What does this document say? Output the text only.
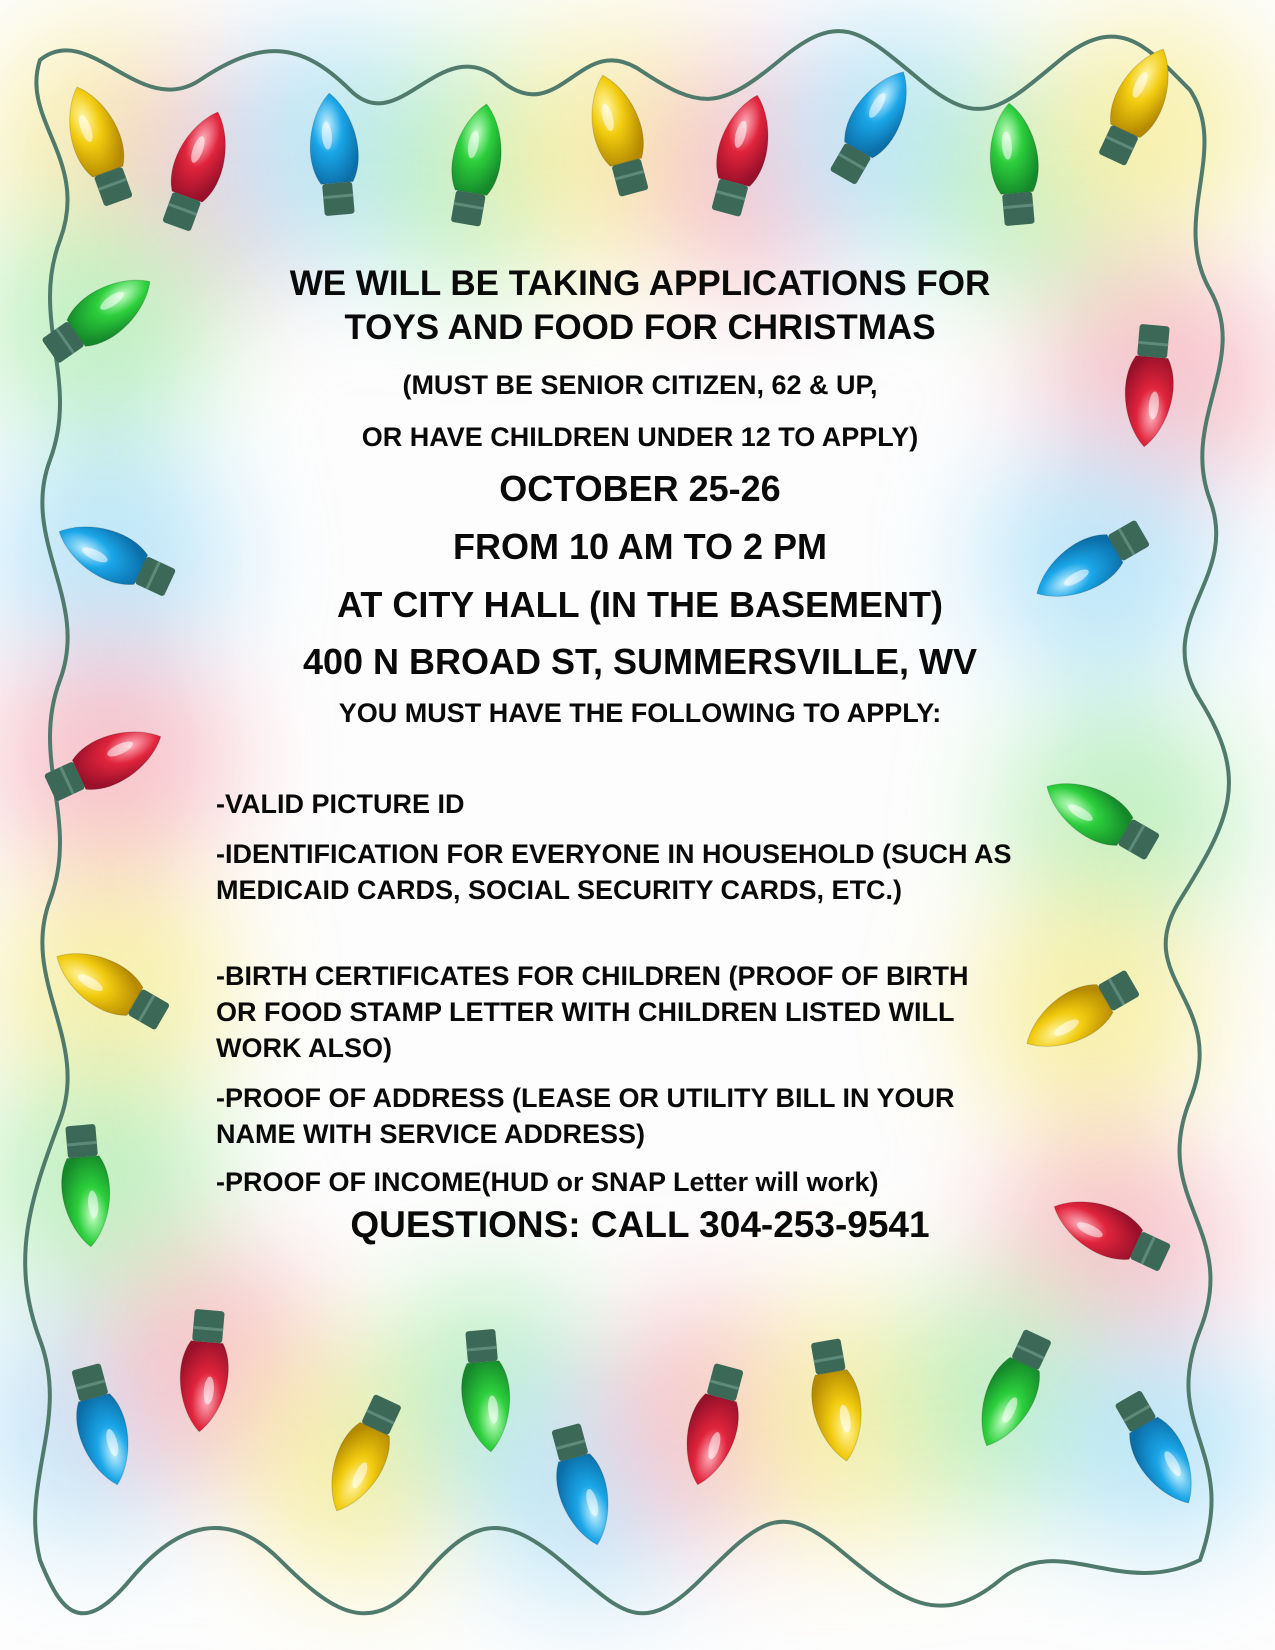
WE WILL BE TAKING APPLICATIONS FOR

TOYS AND FOOD FOR CHRISTMAS

(MUST BE SENIOR CITIZEN, 62 & UP,

OR HAVE CHILDREN UNDER 12 TO APPLY)

OCTOBER 25-26

FROM 10 AM TO 2 PM

AT CITY HALL (IN THE BASEMENT)

400 N BROAD ST, SUMMERSVILLE, WV

YOU MUST HAVE THE FOLLOWING TO APPLY:

-VALID PICTURE ID

-IDENTIFICATION FOR EVERYONE IN HOUSEHOLD (SUCH AS MEDICAID CARDS, SOCIAL SECURITY CARDS, ETC.)

-BIRTH CERTIFICATES FOR CHILDREN (PROOF OF BIRTH OR FOOD STAMP LETTER WITH CHILDREN LISTED WILL WORK ALSO)

-PROOF OF ADDRESS (LEASE OR UTILITY BILL IN YOUR NAME WITH SERVICE ADDRESS)

-PROOF OF INCOME(HUD or SNAP Letter will work)

QUESTIONS: CALL 304-253-9541
